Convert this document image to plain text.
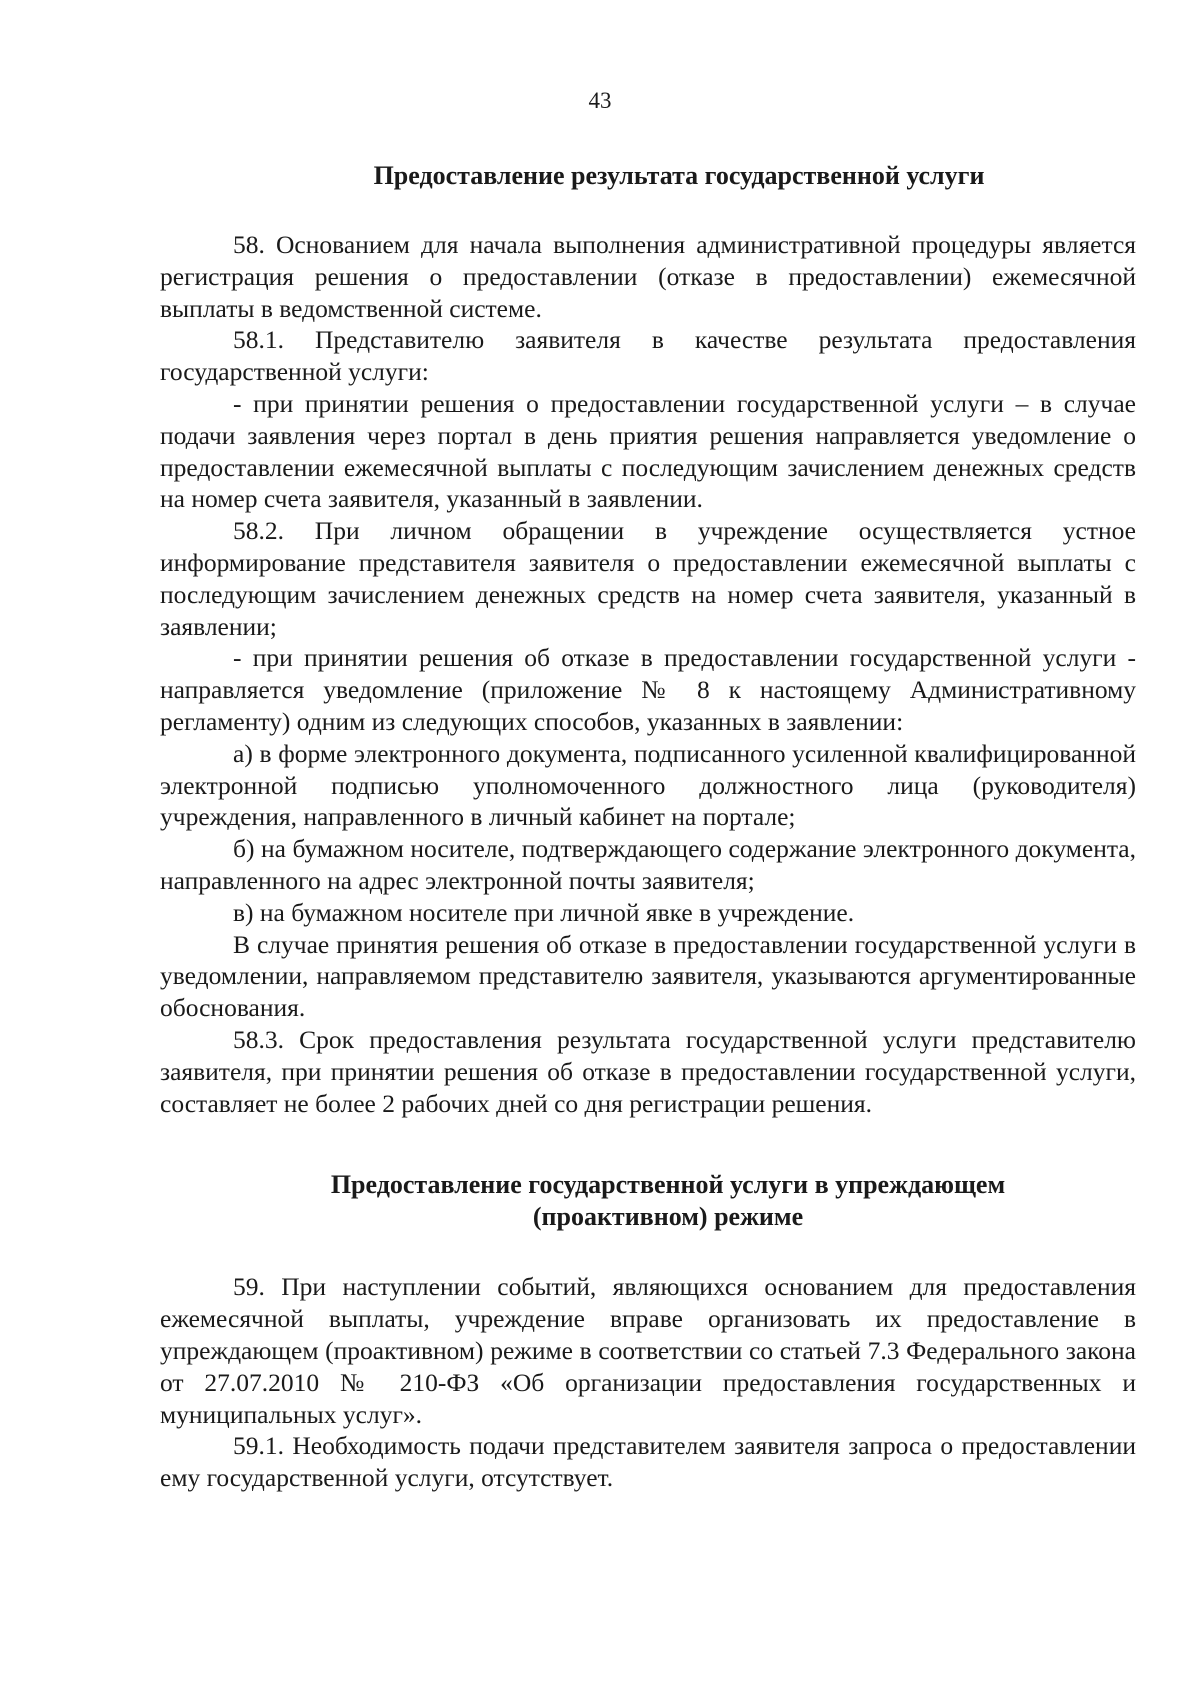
43
Предоставление результата государственной услуги

58. Основанием для начала выполнения административной процедуры является регистрация решения о предоставлении (отказе в предоставлении) ежемесячной выплаты в ведомственной системе.

58.1. Представителю заявителя в качестве результата предоставления государственной услуги:

- при принятии решения о предоставлении государственной услуги – в случае подачи заявления через портал в день приятия решения направляется уведомление о предоставлении ежемесячной выплаты с последующим зачислением денежных средств на номер счета заявителя, указанный в заявлении.

58.2. При личном обращении в учреждение осуществляется устное информирование представителя заявителя о предоставлении ежемесячной выплаты с последующим зачислением денежных средств на номер счета заявителя, указанный в заявлении;

- при принятии решения об отказе в предоставлении государственной услуги - направляется уведомление (приложение № 8 к настоящему Административному регламенту) одним из следующих способов, указанных в заявлении:

а) в форме электронного документа, подписанного усиленной квалифицированной электронной подписью уполномоченного должностного лица (руководителя) учреждения, направленного в личный кабинет на портале;

б) на бумажном носителе, подтверждающего содержание электронного документа, направленного на адрес электронной почты заявителя;

в) на бумажном носителе при личной явке в учреждение.

В случае принятия решения об отказе в предоставлении государственной услуги в уведомлении, направляемом представителю заявителя, указываются аргументированные обоснования.

58.3. Срок предоставления результата государственной услуги представителю заявителя, при принятии решения об отказе в предоставлении государственной услуги, составляет не более 2 рабочих дней со дня регистрации решения.

Предоставление государственной услуги в упреждающем
(проактивном) режиме

59. При наступлении событий, являющихся основанием для предоставления ежемесячной выплаты, учреждение вправе организовать их предоставление в упреждающем (проактивном) режиме в соответствии со статьей 7.3 Федерального закона от 27.07.2010 № 210-ФЗ «Об организации предоставления государственных и муниципальных услуг».

59.1. Необходимость подачи представителем заявителя запроса о предоставлении ему государственной услуги, отсутствует.
